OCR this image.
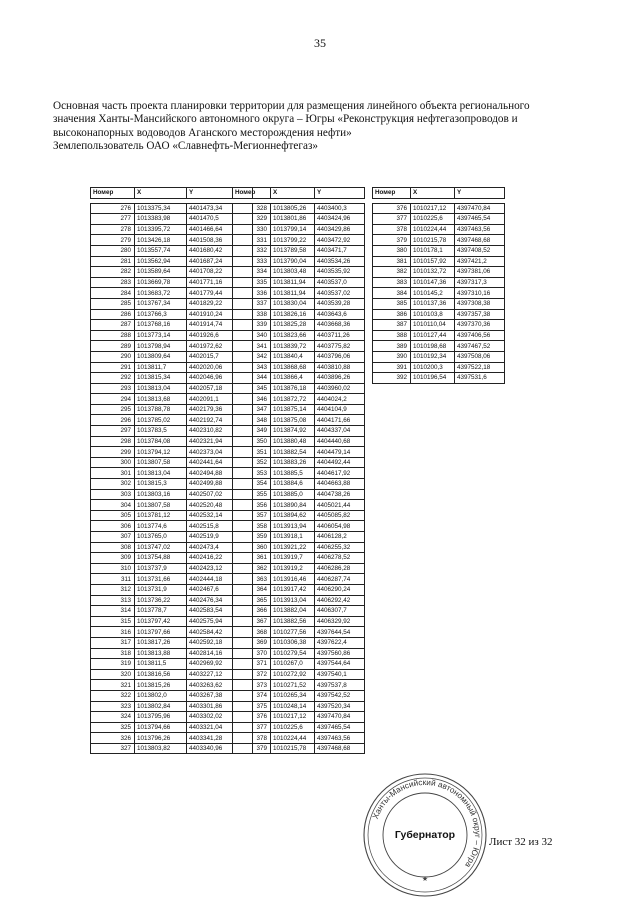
35
Основная часть проекта планировки территории для размещения линейного объекта регионального
значения Ханты-Мансийского автономного округа – Югры «Реконструкция нефтегазопроводов и
высоконапорных водоводов Аганского месторождения нефти»
Землепользователь ОАО «Славнефть-Мегионнефтегаз»
Номер	X	Y

276	1013375,34	4401473,34
277	1013383,98	4401470,5
278	1013395,72	4401466,64
279	1013426,18	4401508,36
280	1013557,74	4401680,42
281	1013562,94	4401687,24
282	1013589,64	4401708,22
283	1013669,78	4401771,16
284	1013683,72	4401779,44
285	1013767,34	4401829,22
286	1013766,3	4401910,24
287	1013768,16	4401914,74
288	1013773,14	4401926,6
289	1013798,94	4401972,62
290	1013809,64	4402015,7
291	1013811,7	4402020,06
292	1013815,34	4402046,96
293	1013813,04	4402057,18
294	1013813,68	4402091,1
295	1013788,78	4402179,36
296	1013785,02	4402192,74
297	1013783,5	4402310,82
298	1013784,08	4402321,94
299	1013794,12	4402373,04
300	1013807,58	4402441,64
301	1013813,04	4402494,88
302	1013815,3	4402499,88
303	1013803,16	4402507,02
304	1013807,58	4402520,48
305	1013781,12	4402532,14
306	1013774,6	4402515,8
307	1013765,0	4402519,9
308	1013747,02	4402473,4
309	1013754,88	4402416,22
310	1013737,9	4402423,12
311	1013731,66	4402444,18
312	1013731,9	4402467,6
313	1013736,22	4402476,34
314	1013778,7	4402583,54
315	1013797,42	4402575,94
316	1013797,66	4402584,42
317	1013817,26	4402592,18
318	1013813,88	4402814,16
319	1013811,5	4402969,92
320	1013816,56	4403227,12
321	1013815,26	4403263,62
322	1013802,0	4403267,38
323	1013802,84	4403301,86
324	1013795,96	4403302,02
325	1013794,66	4403321,04
326	1013796,26	4403341,28
327	1013803,82	4403340,96
Номер	X	Y

328	1013805,26	4403400,3
329	1013801,86	4403424,96
330	1013799,14	4403429,86
331	1013799,22	4403472,92
332	1013789,58	4403471,7
333	1013790,04	4403534,26
334	1013803,48	4403535,92
335	1013811,94	4403537,0
336	1013811,94	4403537,02
337	1013830,04	4403539,28
338	1013826,16	4403643,6
339	1013825,28	4403668,36
340	1013823,66	4403711,26
341	1013839,72	4403775,82
342	1013840,4	4403796,06
343	1013868,68	4403810,88
344	1013866,4	4403896,26
345	1013876,18	4403960,02
346	1013872,72	4404024,2
347	1013875,14	4404104,9
348	1013875,08	4404171,66
349	1013874,92	4404337,04
350	1013880,48	4404440,68
351	1013882,54	4404479,14
352	1013883,26	4404492,44
353	1013885,5	4404617,92
354	1013884,6	4404663,88
355	1013885,0	4404738,26
356	1013890,84	4405021,44
357	1013894,62	4405085,82
358	1013913,94	4406054,98
359	1013918,1	4406128,2
360	1013921,22	4406255,32
361	1013919,7	4406278,52
362	1013919,2	4406286,28
363	1013916,46	4406287,74
364	1013917,42	4406290,24
365	1013913,04	4406292,42
366	1013882,04	4406307,7
367	1013882,56	4406329,92
368	1010277,56	4397644,54
369	1010306,38	4397622,4
370	1010279,54	4397560,86
371	1010267,0	4397544,64
372	1010272,92	4397540,1
373	1010271,52	4397537,8
374	1010265,34	4397542,52
375	1010248,14	4397520,34
376	1010217,12	4397470,84
377	1010225,6	4397465,54
378	1010224,44	4397463,56
379	1010215,78	4397468,68
Номер	X	Y

376	1010217,12	4397470,84
377	1010225,6	4397465,54
378	1010224,44	4397463,56
379	1010215,78	4397468,68
380	1010178,1	4397408,52
381	1010157,92	4397421,2
382	1010132,72	4397381,06
383	1010147,36	4397317,3
384	1010145,2	4397310,16
385	1010137,36	4397308,38
386	1010103,8	4397357,38
387	1010110,04	4397370,36
388	1010127,44	4397406,56
389	1010198,68	4397467,52
390	1010192,34	4397508,06
391	1010200,3	4397522,18
392	1010196,54	4397531,6
Ханты-Мансийский автономный округ – Югра
Губернатор
★
Лист 32 из 32
